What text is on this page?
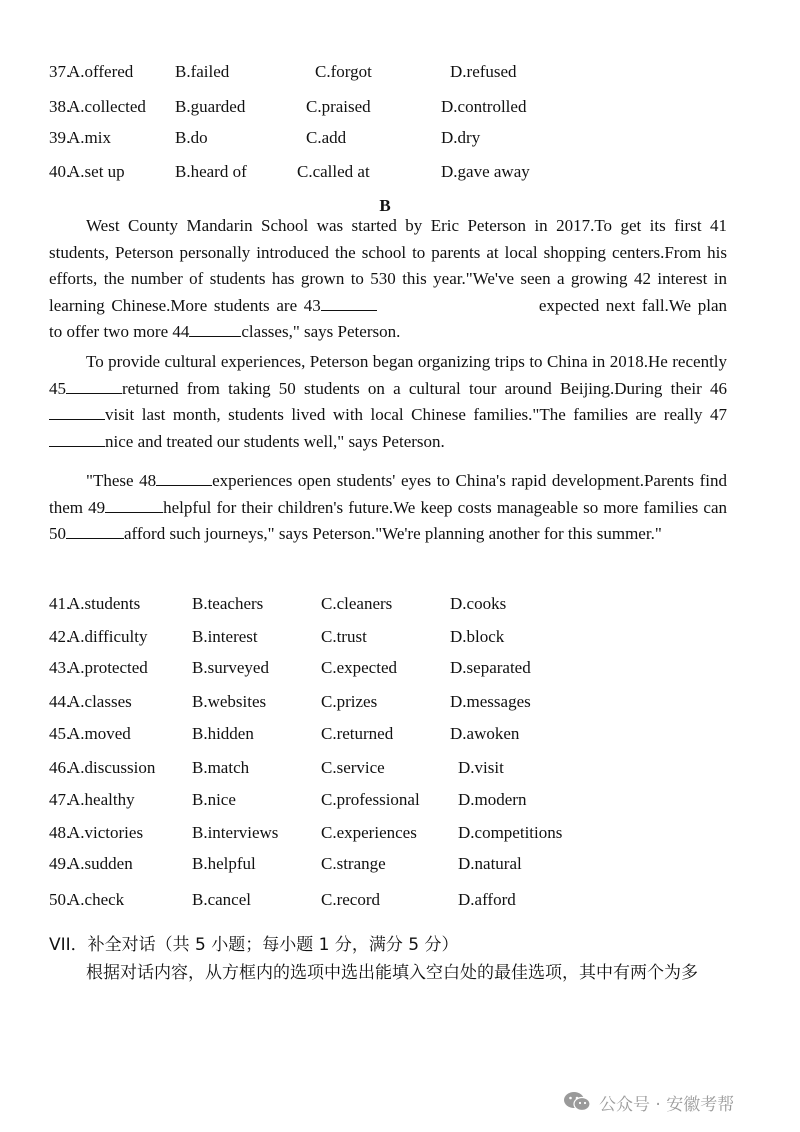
37.
A.offered B.failed	C.forgot	D.refused
38.
A.collected B.guarded	C.praised	D.controlled
39.
A.mix	B.do	C.add	D.dry
40.
A.set up	B.heard of	C.called at	D.gave away
B
West County Mandarin School was started by Eric Peterson in 2017.To get its first 41 students, Peterson personally introduced the school to parents at local shopping centers.From his efforts, the number of students has grown to 530 this year."We've seen a growing 42 interest in learning Chinese.More students are 43	expected next fall.We plan to offer two more 44	classes," says Peterson.
To provide cultural experiences, Peterson began organizing trips to China in 2018.He recently 45	returned from taking 50 students on a cultural tour around Beijing.During their 46visit last month, students lived with local Chinese families."The families are really 47nice and treated our students well," says Peterson.
"These 48	experiences open students' eyes to China's rapid development.Parents find them 49	helpful for their children's future.We keep costs manageable so more families can 50	afford such journeys," says Peterson."We're planning another for this summer."
41.
A.students	B.teachers	C.cleaners	D.cooks
42.
A.difficulty	B.interest	C.trust	D.block
43.
A.protected	B.surveyed	C.expected	D.separated
44.
A.classes	B.websites	C.prizes	D.messages
45.
A.moved	B.hidden	C.returned	D.awoken
46.
A.discussion B.match	C.service	D.visit
47.
A.healthy	B.nice	C.professional D.modern
48.
A.victories	B.interviews	C.experiences D.competitions
49.
A.sudden	B.helpful	C.strange	D.natural
50.
A.check	B.cancel	C.record	D.afford
VII．补全对话（共 5 小题；每小题 1 分，满分 5 分）
根据对话内容，从方框内的选项中选出能填入空白处的最佳选项，其中有两个为多
公众号 · 安徽考帮
